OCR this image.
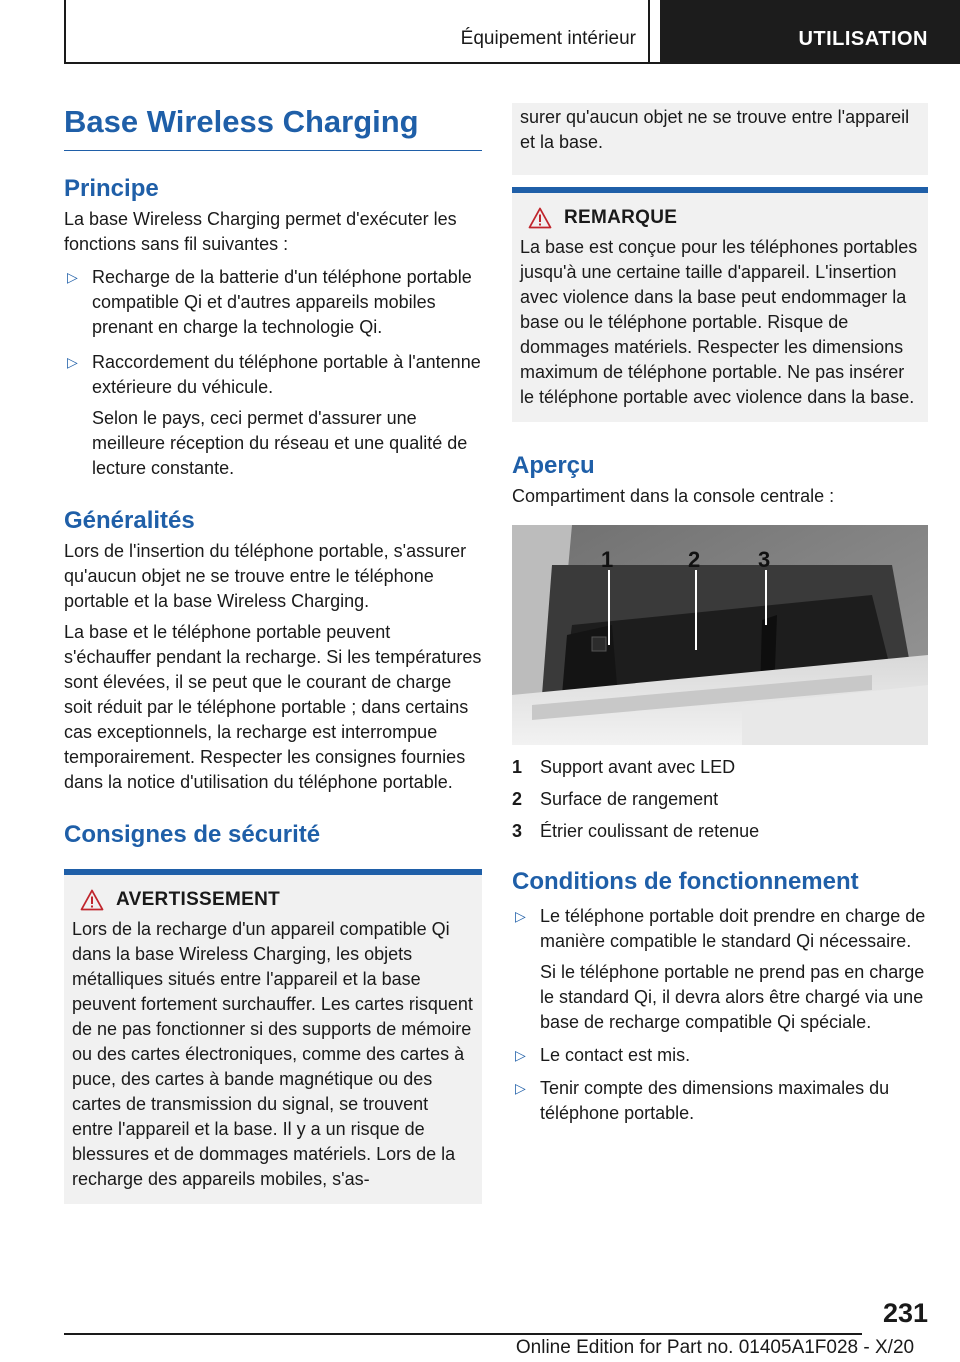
Équipement intérieur	UTILISATION
Base Wireless Charging
Principe

La base Wireless Charging permet d'exécuter les fonctions sans fil suivantes :

▷ Recharge de la batterie d'un téléphone portable compatible Qi et d'autres appareils mobiles prenant en charge la technologie Qi.
▷ Raccordement du téléphone portable à l'antenne extérieure du véhicule.

Selon le pays, ceci permet d'assurer une meilleure réception du réseau et une qualité de lecture constante.

Généralités

Lors de l'insertion du téléphone portable, s'assurer qu'aucun objet ne se trouve entre le téléphone portable et la base Wireless Charging.

La base et le téléphone portable peuvent s'échauffer pendant la recharge. Si les températures sont élevées, il se peut que le courant de charge soit réduit par le téléphone portable ; dans certains cas exceptionnels, la recharge est interrompue temporairement. Respecter les consignes fournies dans la notice d'utilisation du téléphone portable.

Consignes de sécurité
AVERTISSEMENT

Lors de la recharge d'un appareil compatible Qi dans la base Wireless Charging, les objets métalliques situés entre l'appareil et la base peuvent fortement surchauffer. Les cartes risquent de ne pas fonctionner si des supports de mémoire ou des cartes électroniques, comme des cartes à puce, des cartes à bande magnétique ou des cartes de transmission du signal, se trouvent entre l'appareil et la base. Il y a un risque de blessures et de dommages matériels. Lors de la recharge des appareils mobiles, s'as-

surer qu'aucun objet ne se trouve entre l'appareil et la base.

REMARQUE

La base est conçue pour les téléphones portables jusqu'à une certaine taille d'appareil. L'insertion avec violence dans la base peut endommager la base ou le téléphone portable. Risque de dommages matériels. Respecter les dimensions maximum de téléphone portable. Ne pas insérer le téléphone portable avec violence dans la base.

Aperçu

Compartiment dans la console centrale :

1	2	3
1 Support avant avec LED
2 Surface de rangement
3 Étrier coulissant de retenue
Conditions de fonctionnement
▷ Le téléphone portable doit prendre en charge de manière compatible le standard Qi nécessaire.

Si le téléphone portable ne prend pas en charge le standard Qi, il devra alors être chargé via une base de recharge compatible Qi spéciale.

▷ Le contact est mis.
▷ Tenir compte des dimensions maximales du téléphone portable.
231
Online Edition for Part no. 01405A1F028 - X/20
